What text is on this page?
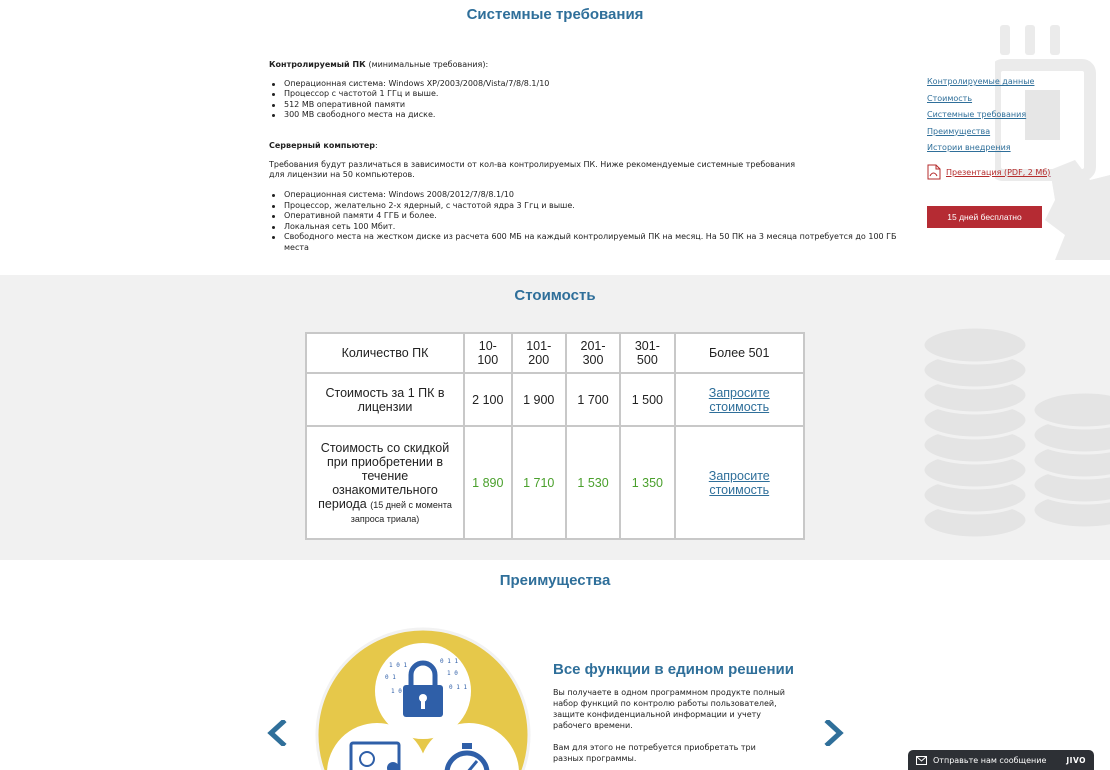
Системные требования
Контролируемый ПК (минимальные требования):
Операционная система: Windows XP/2003/2008/Vista/7/8/8.1/10
Процессор с частотой 1 ГГц и выше.
512 MB оперативной памяти
300 MB свободного места на диске.
Серверный компьютер:

Требования будут различаться в зависимости от кол-ва контролируемых ПК. Ниже рекомендуемые системные требования для лицензии на 50 компьютеров.

Операционная система: Windows 2008/2012/7/8/8.1/10
Процессор, желательно 2-х ядерный, с частотой ядра 3 Ггц и выше.
Оперативной памяти 4 ГГБ и более.
Локальная сеть 100 Мбит.
Свободного места на жестком диске из расчета 600 МБ на каждый контролируемый ПК на месяц. На 50 ПК на 3 месяца потребуется до 100 ГБ места
Контролируемые данные
Стоимость
Системные требования
Преимущества
Истории внедрения
Презентация (PDF, 2 Мб)
15 дней бесплатно
Стоимость
Количество ПК	10-100	101-200	201-300	301-500	Более 501
Стоимость за 1 ПК в лицензии	2 100	1 900	1 700	1 500	Запросите стоимость
Стоимость со скидкой при приобретении в течение ознакомительного периода (15 дней с момента запроса триала)	1 890	1 710	1 530	1 350	Запросите стоимость
Преимущества
1 0 1
0 1 1
0 1
1 0
1 0
0 1 1
Все функции в едином решении

Вы получаете в одном программном продукте полный набор функций по контролю работы пользователей, защите конфиденциальной информации и учету рабочего времени.

Вам для этого не потребуется приобретать три разных программы.	Отправьте нам сообщение	JIVO
